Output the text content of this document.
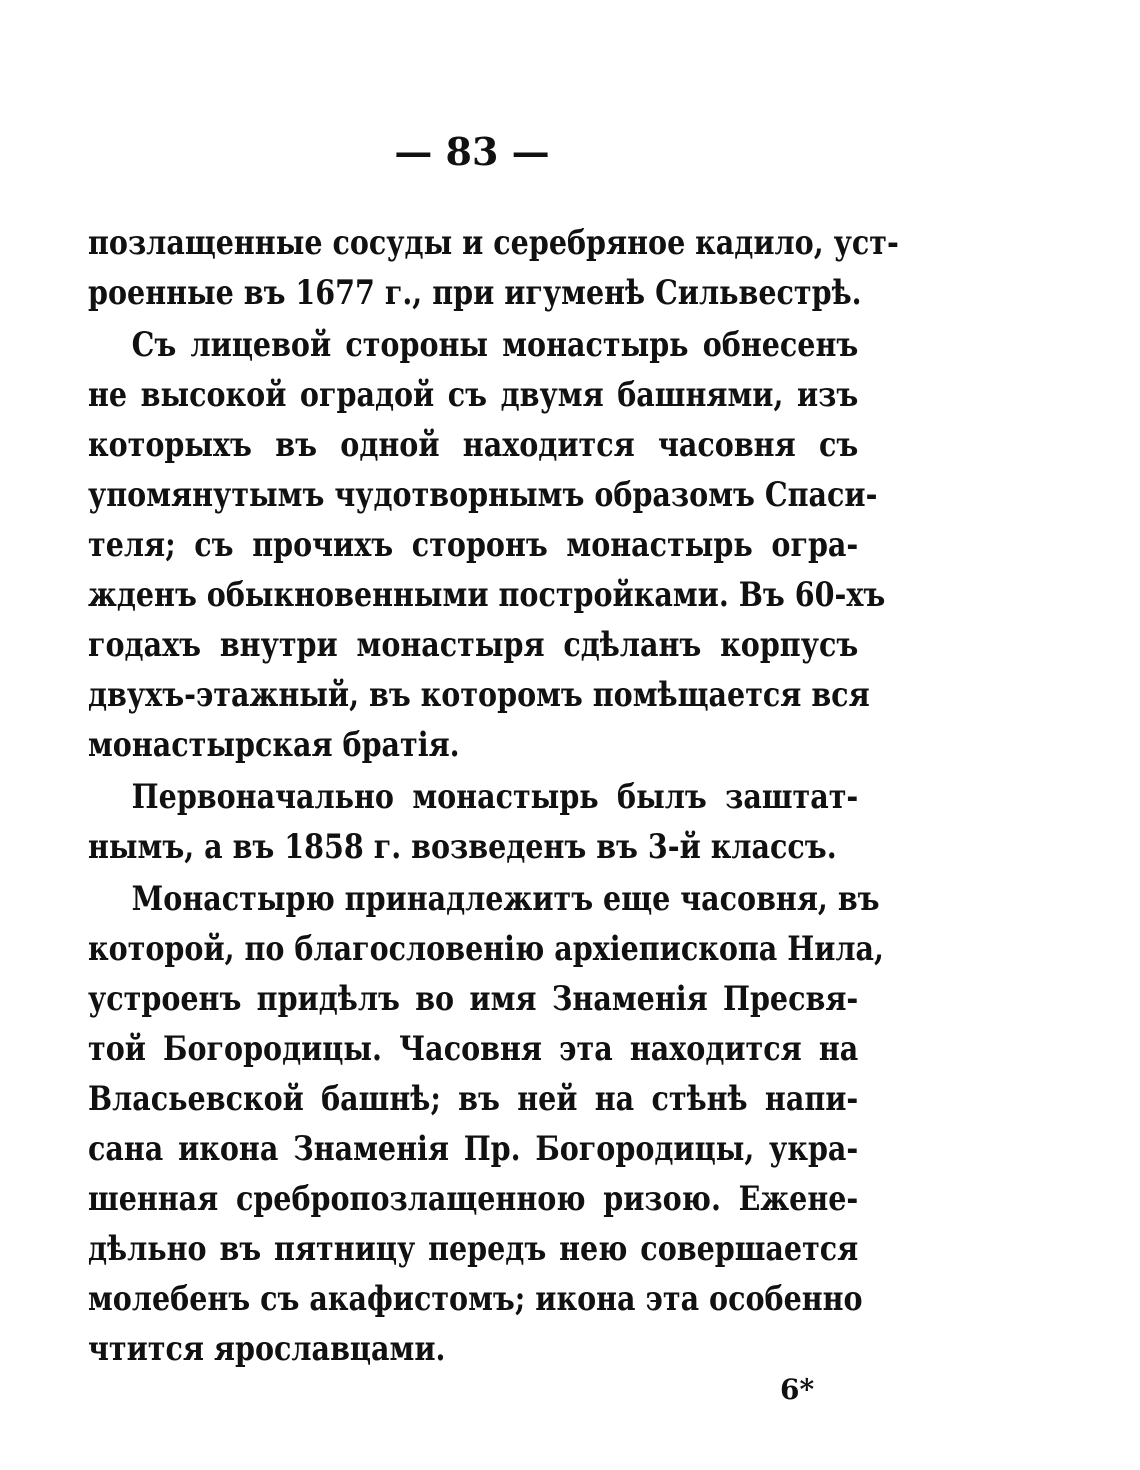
— 83 —
позлащенные сосуды и серебряное кадило, уст-
роенные въ 1677 г., при игуменѣ Сильвестрѣ.
Съ лицевой стороны монастырь обнесенъ
не высокой оградой съ двумя башнями, изъ
которыхъ въ одной находится часовня съ
упомянутымъ чудотворнымъ образомъ Спаси-
теля; съ прочихъ сторонъ монастырь огра-
жденъ обыкновенными постройками. Въ 60-хъ
годахъ внутри монастыря сдѣланъ корпусъ
двухъ-этажный, въ которомъ помѣщается вся
монастырская братія.
Первоначально монастырь былъ заштат-
нымъ, а въ 1858 г. возведенъ въ 3-й классъ.
Монастырю принадлежитъ еще часовня, въ
которой, по благословенію архіепископа Нила,
устроенъ придѣлъ во имя Знаменія Пресвя-
той Богородицы. Часовня эта находится на
Власьевской башнѣ; въ ней на стѣнѣ напи-
сана икона Знаменія Пр. Богородицы, укра-
шенная сребропозлащенною ризою. Еженe-
дѣльно въ пятницу передъ нею совершается
молебенъ съ акафистомъ; икона эта особенно
чтится ярославцами.
6*
